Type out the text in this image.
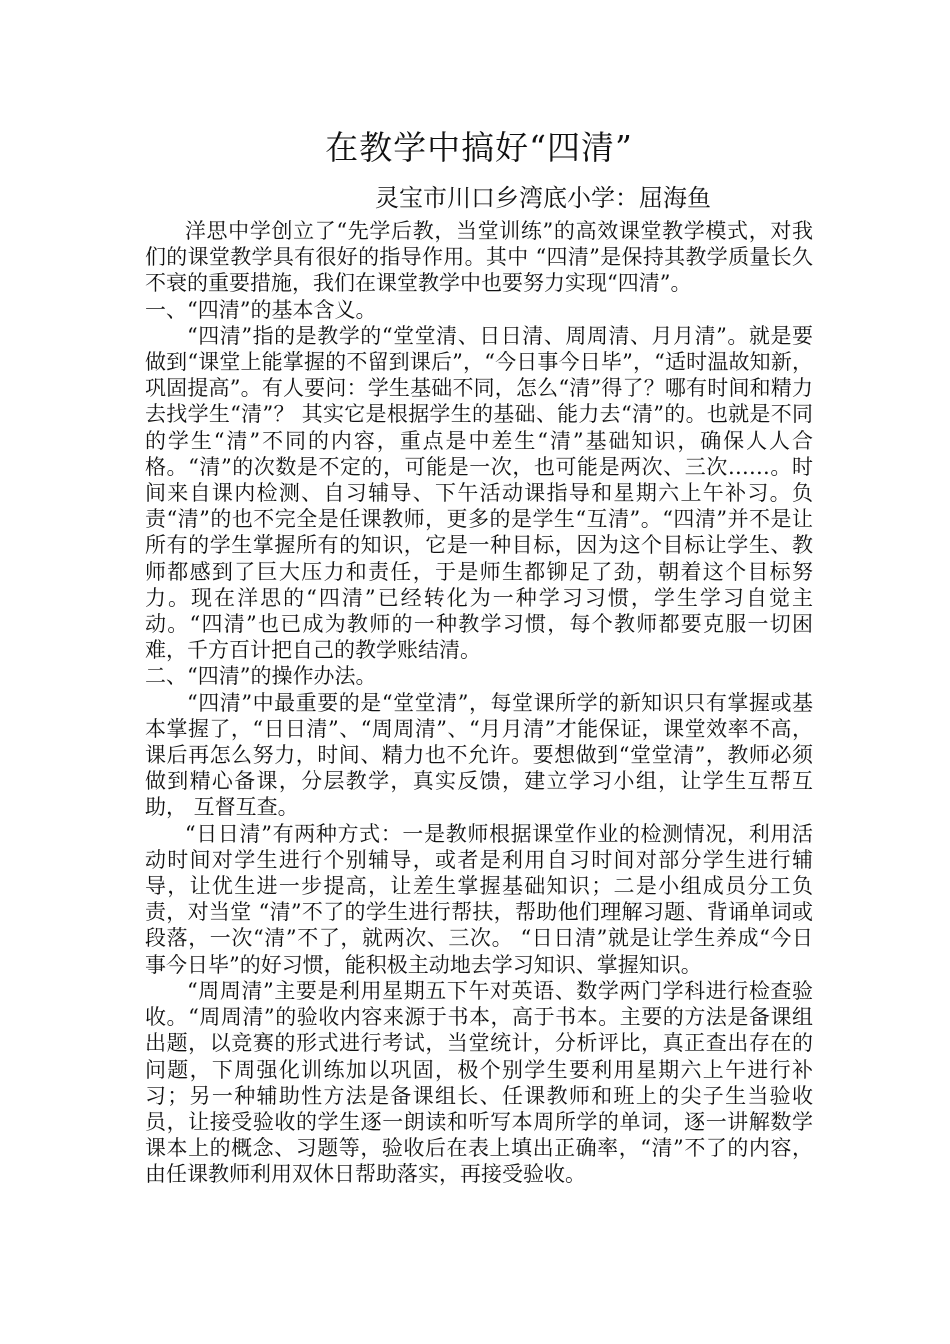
在教学中搞好“四清”
灵宝市川口乡湾底小学：屈海鱼

洋思中学创立了“先学后教，当堂训练”的高效课堂教学模式，对我们的课堂教学具有很好的指导作用。其中 “四清”是保持其教学质量长久不衰的重要措施，我们在课堂教学中也要努力实现“四清”。

一、“四清”的基本含义。

“四清”指的是教学的“堂堂清、日日清、周周清、月月清”。就是要做到“课堂上能掌握的不留到课后”，“今日事今日毕”，“适时温故知新，巩固提高”。有人要问：学生基础不同，怎么“清”得了？哪有时间和精力去找学生“清”？ 其实它是根据学生的基础、能力去“清”的。也就是不同的学生“清”不同的内容，重点是中差生“清”基础知识，确保人人合格。“清”的次数是不定的，可能是一次，也可能是两次、三次……。时间来自课内检测、自习辅导、下午活动课指导和星期六上午补习。负责“清”的也不完全是任课教师，更多的是学生“互清”。“四清”并不是让所有的学生掌握所有的知识，它是一种目标，因为这个目标让学生、教师都感到了巨大压力和责任，于是师生都铆足了劲，朝着这个目标努力。现在洋思的“四清”已经转化为一种学习习惯，学生学习自觉主动。“四清”也已成为教师的一种教学习惯，每个教师都要克服一切困难，千方百计把自己的教学账结清。

二、“四清”的操作办法。

“四清”中最重要的是“堂堂清”，每堂课所学的新知识只有掌握或基本掌握了，“日日清”、“周周清”、“月月清”才能保证，课堂效率不高，课后再怎么努力，时间、精力也不允许。要想做到“堂堂清”，教师必须做到精心备课，分层教学，真实反馈，建立学习小组，让学生互帮互助， 互督互查。

“日日清”有两种方式：一是教师根据课堂作业的检测情况，利用活动时间对学生进行个别辅导，或者是利用自习时间对部分学生进行辅导，让优生进一步提高，让差生掌握基础知识；二是小组成员分工负责，对当堂 “清”不了的学生进行帮扶，帮助他们理解习题、背诵单词或段落，一次“清”不了，就两次、三次。 “日日清”就是让学生养成“今日事今日毕”的好习惯，能积极主动地去学习知识、掌握知识。

“周周清”主要是利用星期五下午对英语、数学两门学科进行检查验收。“周周清”的验收内容来源于书本，高于书本。主要的方法是备课组出题，以竞赛的形式进行考试，当堂统计，分析评比，真正查出存在的问题，下周强化训练加以巩固，极个别学生要利用星期六上午进行补习；另一种辅助性方法是备课组长、任课教师和班上的尖子生当验收员，让接受验收的学生逐一朗读和听写本周所学的单词，逐一讲解数学课本上的概念、习题等，验收后在表上填出正确率，“清”不了的内容，由任课教师利用双休日帮助落实，再接受验收。
